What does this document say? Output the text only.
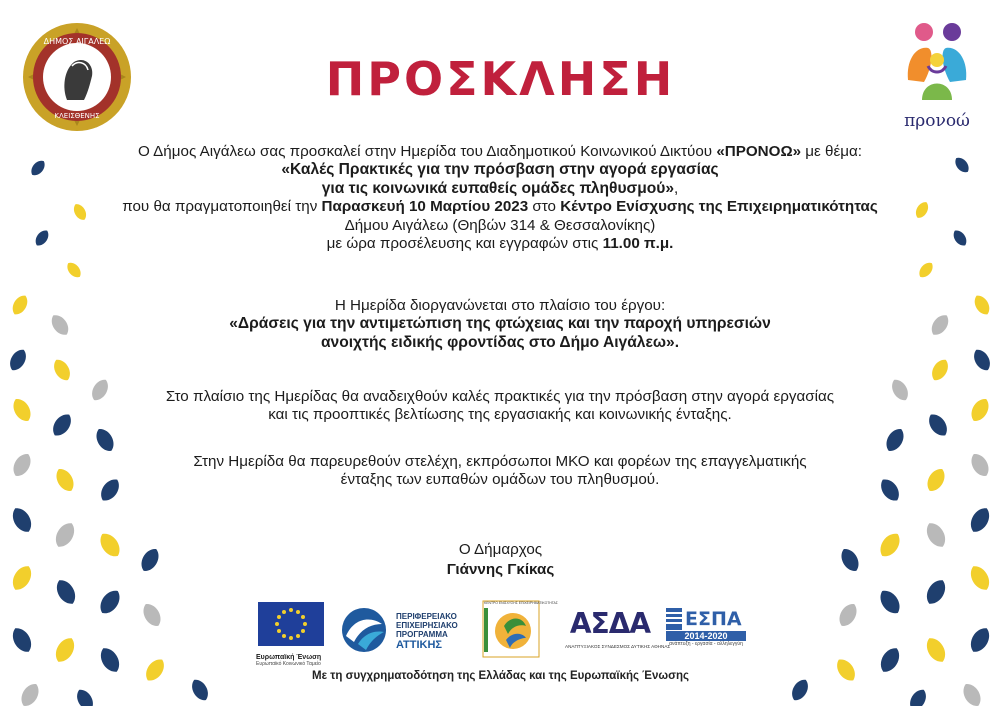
ΔΗΜΟΣ ΑΙΓΑΛΕΩ
ΚΛΕΙΣΘΕΝΗΣ	προνοώ
ΠΡΟΣΚΛΗΣΗ
Ο Δήμος Αιγάλεω σας προσκαλεί στην Ημερίδα του Διαδημοτικού Κοινωνικού Δικτύου «ΠΡΟΝΟΩ» με θέμα:
«Καλές Πρακτικές για την πρόσβαση στην αγορά εργασίας
για τις κοινωνικά ευπαθείς ομάδες πληθυσμού»,
που θα πραγματοποιηθεί την Παρασκευή 10 Μαρτίου 2023 στο Κέντρο Ενίσχυσης της Επιχειρηματικότητας
Δήμου Αιγάλεω (Θηβών 314 & Θεσσαλονίκης)
με ώρα προσέλευσης και εγγραφών στις 11.00 π.μ.
Η Ημερίδα διοργανώνεται στο πλαίσιο του έργου:
«Δράσεις για την αντιμετώπιση της φτώχειας και την παροχή υπηρεσιών
ανοιχτής ειδικής φροντίδας στο Δήμο Αιγάλεω».
Στο πλαίσιο της Ημερίδας θα αναδειχθούν καλές πρακτικές για την πρόσβαση στην αγορά εργασίας
και τις προοπτικές βελτίωσης της εργασιακής και κοινωνικής ένταξης.
Στην Ημερίδα θα παρευρεθούν στελέχη, εκπρόσωποι ΜΚΟ και φορέων της επαγγελματικής
ένταξης των ευπαθών ομάδων του πληθυσμού.
Ο Δήμαρχος
Γιάννης Γκίκας
Ευρωπαϊκή Ένωση
Ευρωπαϊκό Κοινωνικό Ταμείο
ΠΕΡΙΦΕΡΕΙΑΚΟ
ΕΠΙΧΕΙΡΗΣΙΑΚΟ
ΠΡΟΓΡΑΜΜΑ
ΑΤΤΙΚΗΣ
ΚΕΝΤΡΟ ΕΝΙΣΧΥΣΗΣ ΕΠΙΧΕΙΡΗΜΑΤΙΚΟΤΗΤΑΣ
ΑΣΔΑ
ΑΝΑΠΤΥΞΙΑΚΟΣ ΣΥΝΔΕΣΜΟΣ ΔΥΤΙΚΗΣ ΑΘΗΝΑΣ
ΕΣΠΑ
2014-2020
ανάπτυξη - εργασία - αλληλεγγύη
Με τη συγχρηματοδότηση της Ελλάδας και της Ευρωπαϊκής Ένωσης
